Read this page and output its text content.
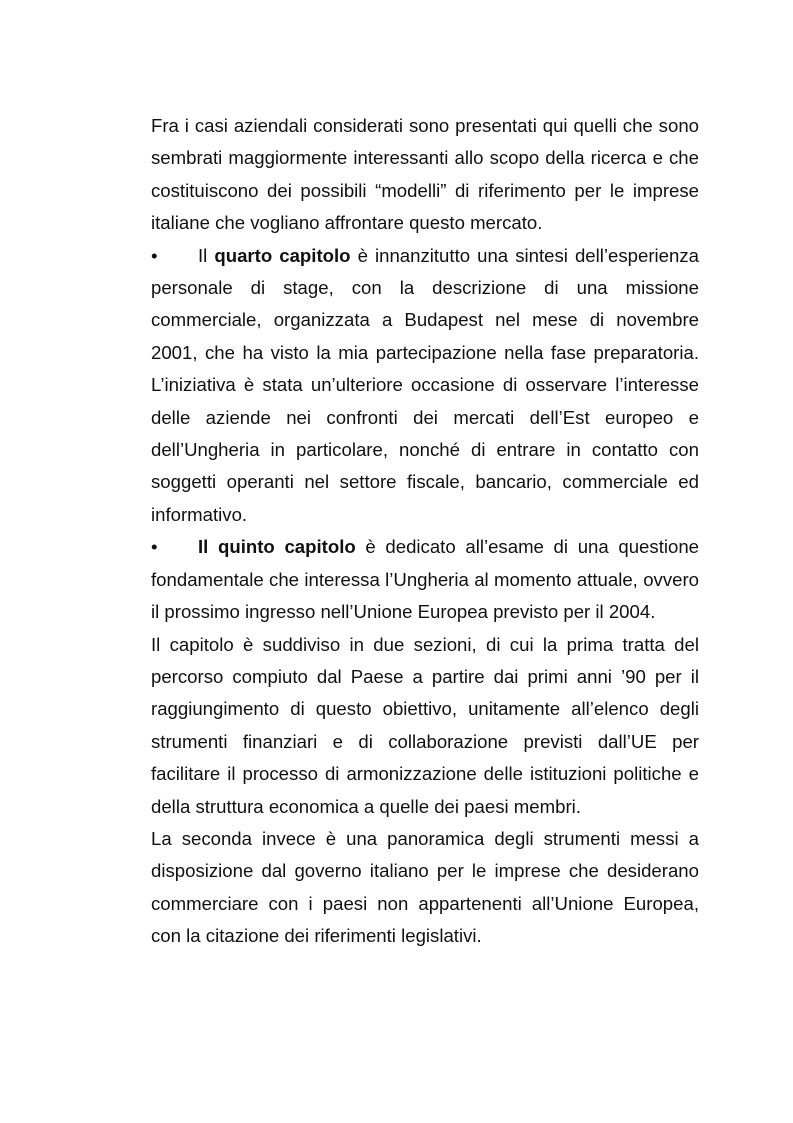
Fra i casi aziendali considerati sono presentati qui quelli che sono sembrati maggiormente interessanti allo scopo della ricerca e che costituiscono dei possibili “modelli” di riferimento per le imprese italiane che vogliano affrontare questo mercato.

• Il quarto capitolo è innanzitutto una sintesi dell’esperienza personale di stage, con la descrizione di una missione commerciale, organizzata a Budapest nel mese di novembre 2001, che ha visto la mia partecipazione nella fase preparatoria. L’iniziativa è stata un’ulteriore occasione di osservare l’interesse delle aziende nei confronti dei mercati dell’Est europeo e dell’Ungheria in particolare, nonché di entrare in contatto con soggetti operanti nel settore fiscale, bancario, commerciale ed informativo.

• Il quinto capitolo è dedicato all’esame di una questione fondamentale che interessa l’Ungheria al momento attuale, ovvero il prossimo ingresso nell’Unione Europea previsto per il 2004.

Il capitolo è suddiviso in due sezioni, di cui la prima tratta del percorso compiuto dal Paese a partire dai primi anni ’90 per il raggiungimento di questo obiettivo, unitamente all’elenco degli strumenti finanziari e di collaborazione previsti dall’UE per facilitare il processo di armonizzazione delle istituzioni politiche e della struttura economica a quelle dei paesi membri.

La seconda invece è una panoramica degli strumenti messi a disposizione dal governo italiano per le imprese che desiderano commerciare con i paesi non appartenenti all’Unione Europea, con la citazione dei riferimenti legislativi.
